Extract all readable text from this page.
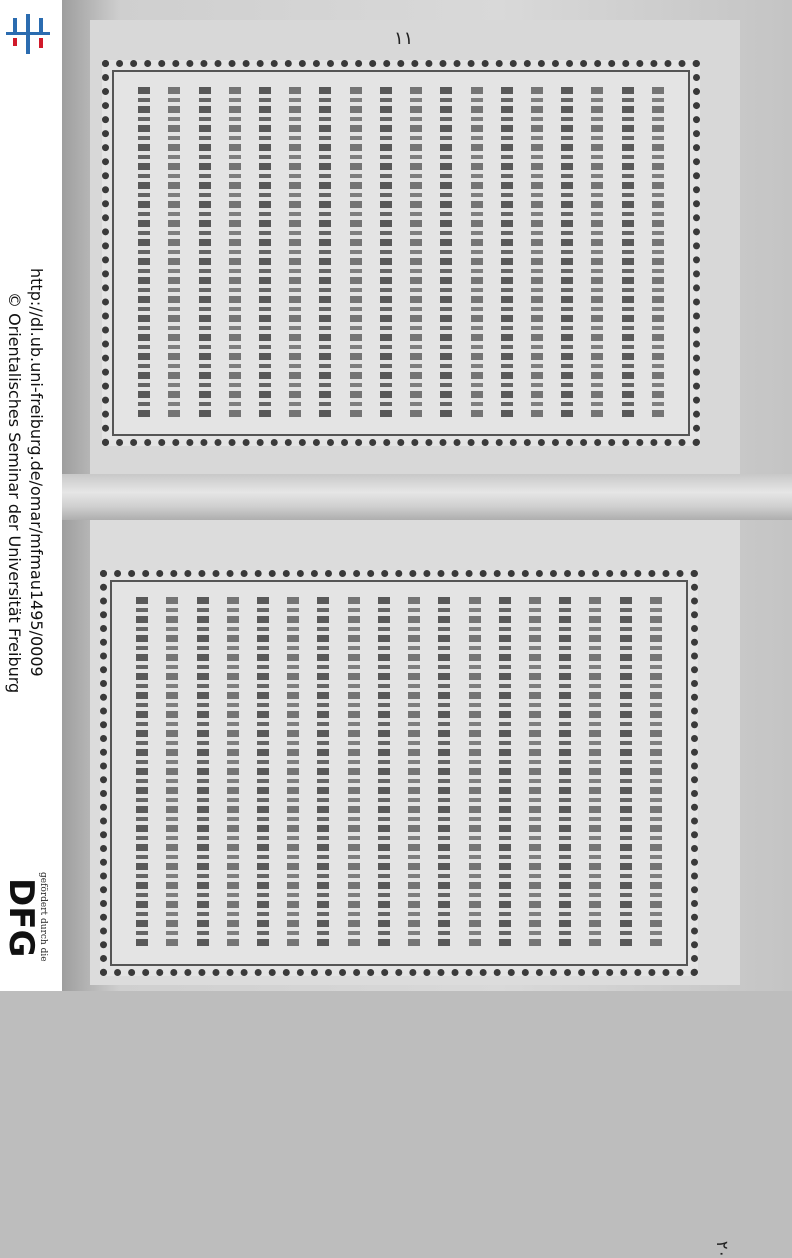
http://dl.ub.uni-freiburg.de/omar/mfmau1495/0009
© Orientalisches Seminar der Universität Freiburg
gefördert durch die
DFG
١١
٢٠
